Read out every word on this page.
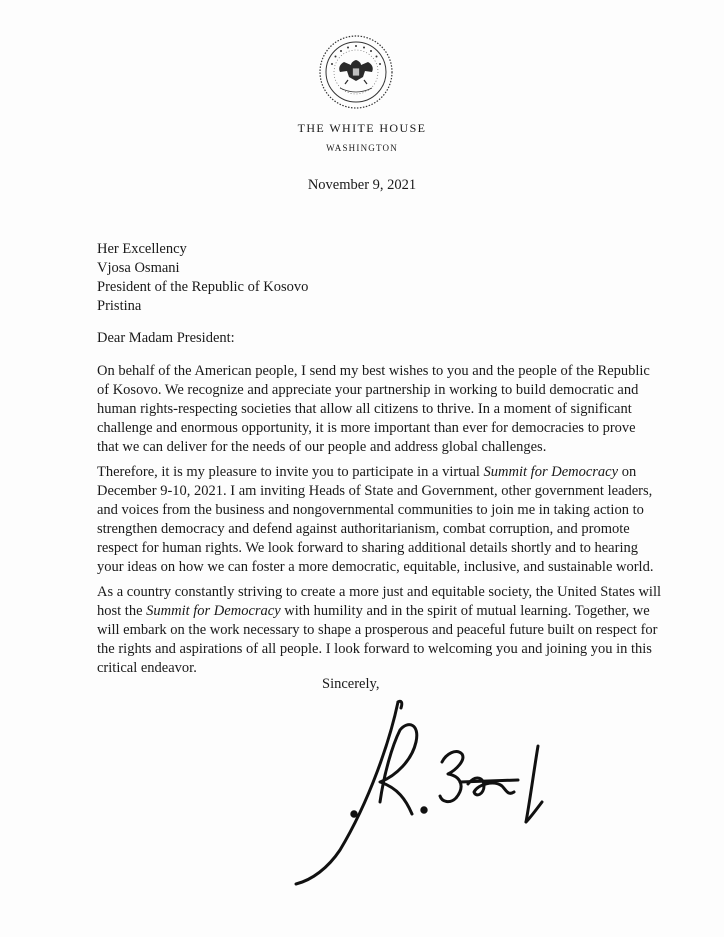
THE WHITE HOUSE
WASHINGTON
November 9, 2021
Her Excellency
Vjosa Osmani
President of the Republic of Kosovo
Pristina
Dear Madam President:
On behalf of the American people, I send my best wishes to you and the people of the Republic
of Kosovo. We recognize and appreciate your partnership in working to build democratic and
human rights-respecting societies that allow all citizens to thrive. In a moment of significant
challenge and enormous opportunity, it is more important than ever for democracies to prove
that we can deliver for the needs of our people and address global challenges.
Therefore, it is my pleasure to invite you to participate in a virtual Summit for Democracy on
December 9-10, 2021. I am inviting Heads of State and Government, other government leaders,
and voices from the business and nongovernmental communities to join me in taking action to
strengthen democracy and defend against authoritarianism, combat corruption, and promote
respect for human rights. We look forward to sharing additional details shortly and to hearing
your ideas on how we can foster a more democratic, equitable, inclusive, and sustainable world.
As a country constantly striving to create a more just and equitable society, the United States will
host the Summit for Democracy with humility and in the spirit of mutual learning. Together, we
will embark on the work necessary to shape a prosperous and peaceful future built on respect for
the rights and aspirations of all people. I look forward to welcoming you and joining you in this
critical endeavor.
Sincerely,
